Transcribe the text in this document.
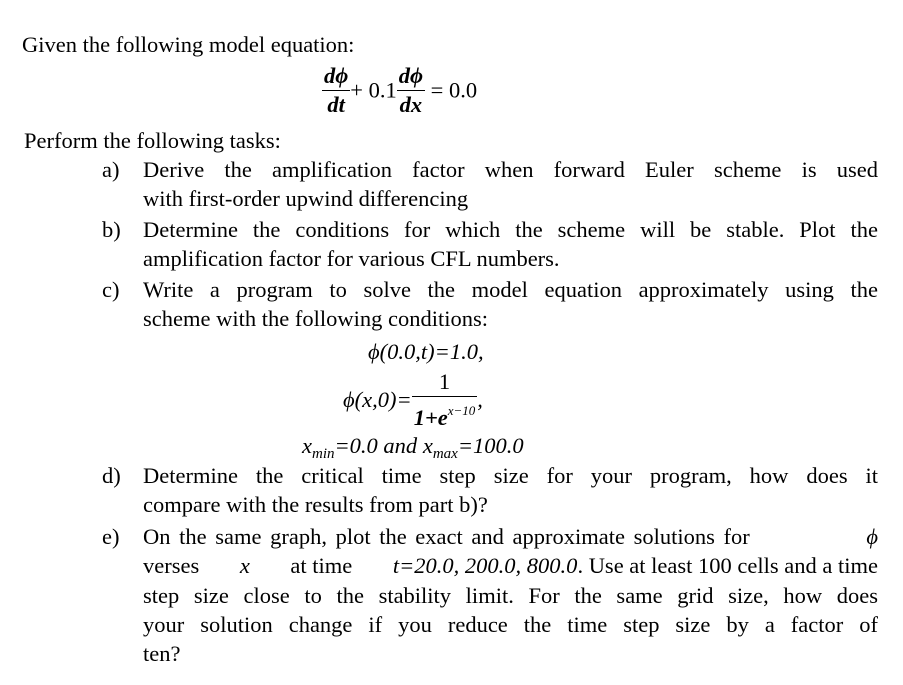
Given the following model equation:
$\frac{d\phi}{dt} + 0.1 \frac{d\phi}{dx} = 0.0$
Perform the following tasks:
a) Derive the amplification factor when forward Euler scheme is used
with first-order upwind differencing
b) Determine the conditions for which the scheme will be stable. Plot the
amplification factor for various CFL numbers.
c) Write a program to solve the model equation approximately using the
scheme with the following conditions:
ϕ(0.0,t)=1.0,
$\phi(x,0)= \frac{1}{1+e^{x-10}}$ ,
$x_{min}=0.0$ and $x_{max}=100.0$
d) Determine the critical time step size for your program, how does it
compare with the results from part b)?
e) On the same graph, plot the exact and approximate solutions for	ϕ
verses x at time t=20.0, 200.0, 800.0. Use at least 100 cells and a time
step size close to the stability limit. For the same grid size, how does
your solution change if you reduce the time step size by a factor of
ten?
